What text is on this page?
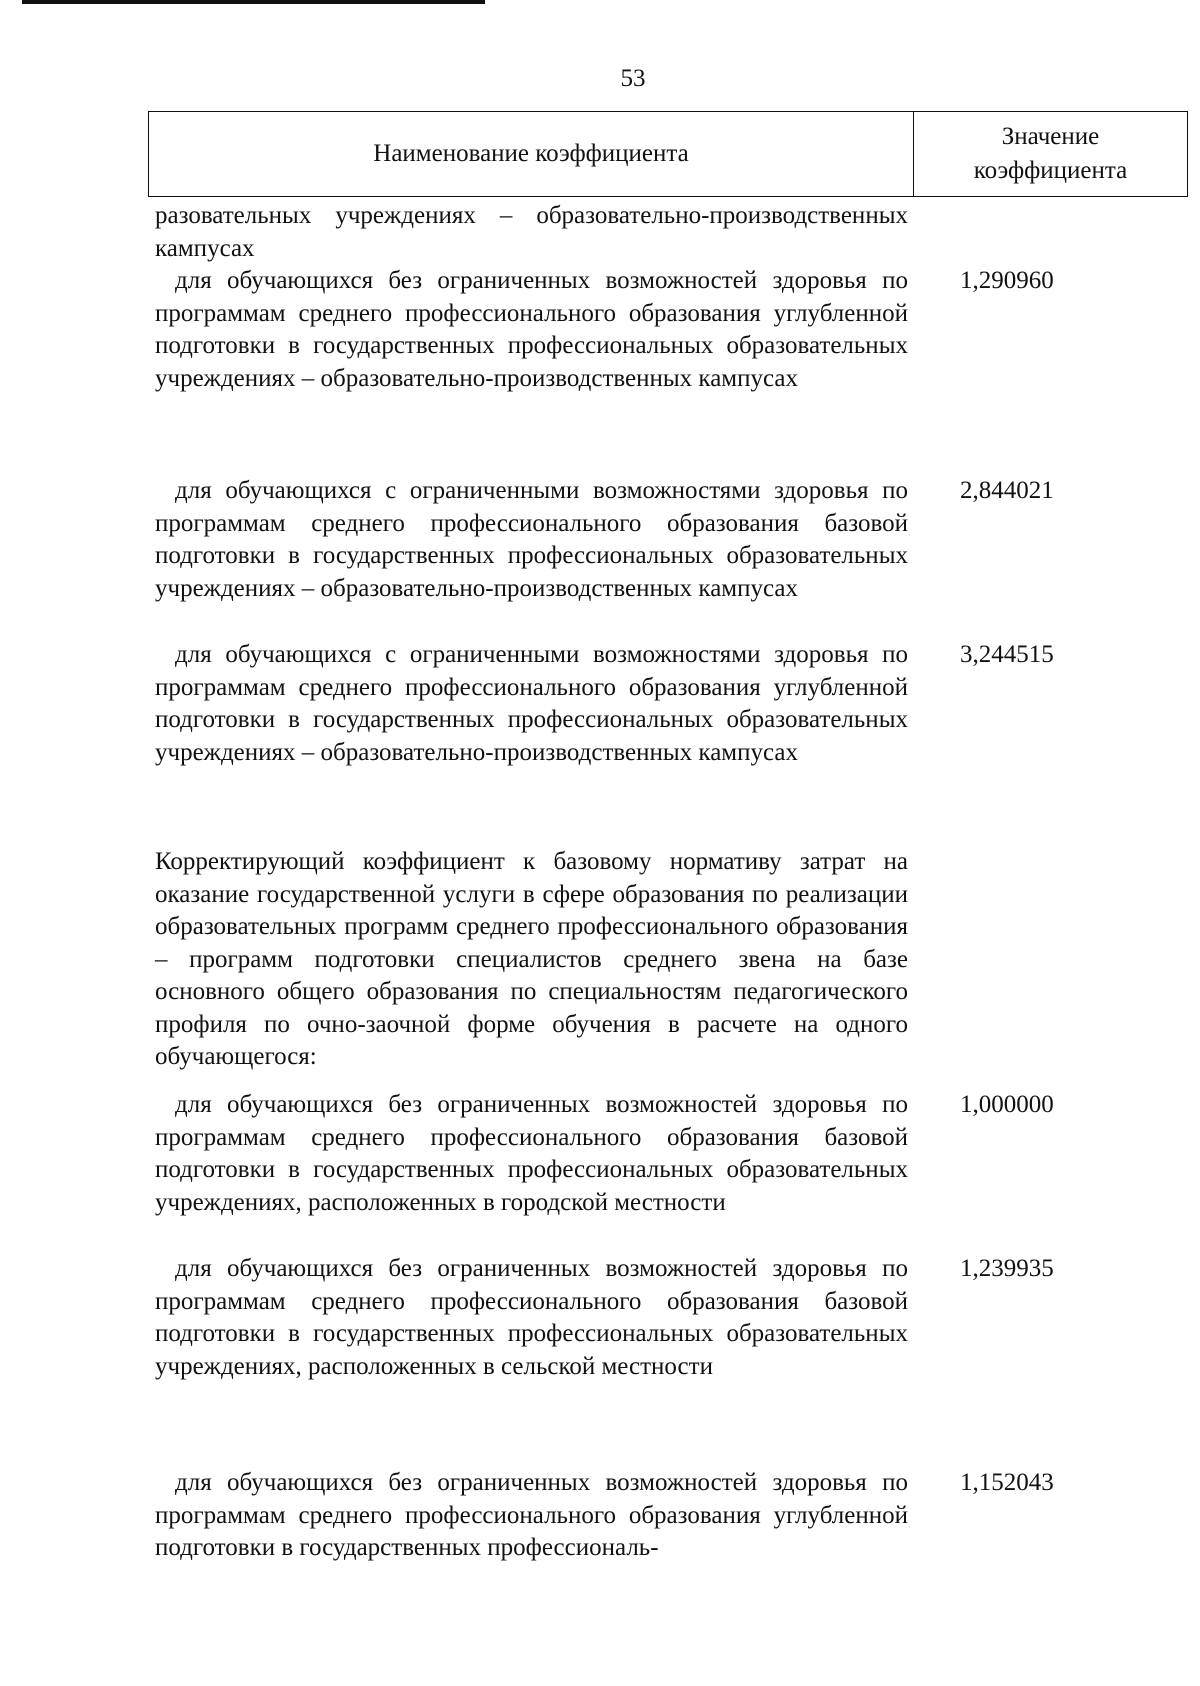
53
Наименование коэффициента
Значение
коэффициента

разовательных учреждениях – образовательно-производственных кампусах

для обучающихся без ограниченных возможностей здоровья по программам среднего профессионального образования углубленной подготовки в государственных профессиональных образовательных учреждениях – образовательно-производственных кампусах

1,290960

для обучающихся с ограниченными возможностями здоровья по программам среднего профессионального образования базовой подготовки в государственных профессиональных образовательных учреждениях – образовательно-производственных кампусах

2,844021

для обучающихся с ограниченными возможностями здоровья по программам среднего профессионального образования углубленной подготовки в государственных профессиональных образовательных учреждениях – образовательно-производственных кампусах

3,244515

Корректирующий коэффициент к базовому нормативу затрат на оказание государственной услуги в сфере образования по реализации образовательных программ среднего профессионального образования – программ подготовки специалистов среднего звена на базе основного общего образования по специальностям педагогического профиля по очно-заочной форме обучения в расчете на одного обучающегося:

для обучающихся без ограниченных возможностей здоровья по программам среднего профессионального образования базовой подготовки в государственных профессиональных образовательных учреждениях, расположенных в городской местности

1,000000

для обучающихся без ограниченных возможностей здоровья по программам среднего профессионального образования базовой подготовки в государственных профессиональных образовательных учреждениях, расположенных в сельской местности

1,239935

для обучающихся без ограниченных возможностей здоровья по программам среднего профессионального образования углубленной подготовки в государственных профессиональ-

1,152043
